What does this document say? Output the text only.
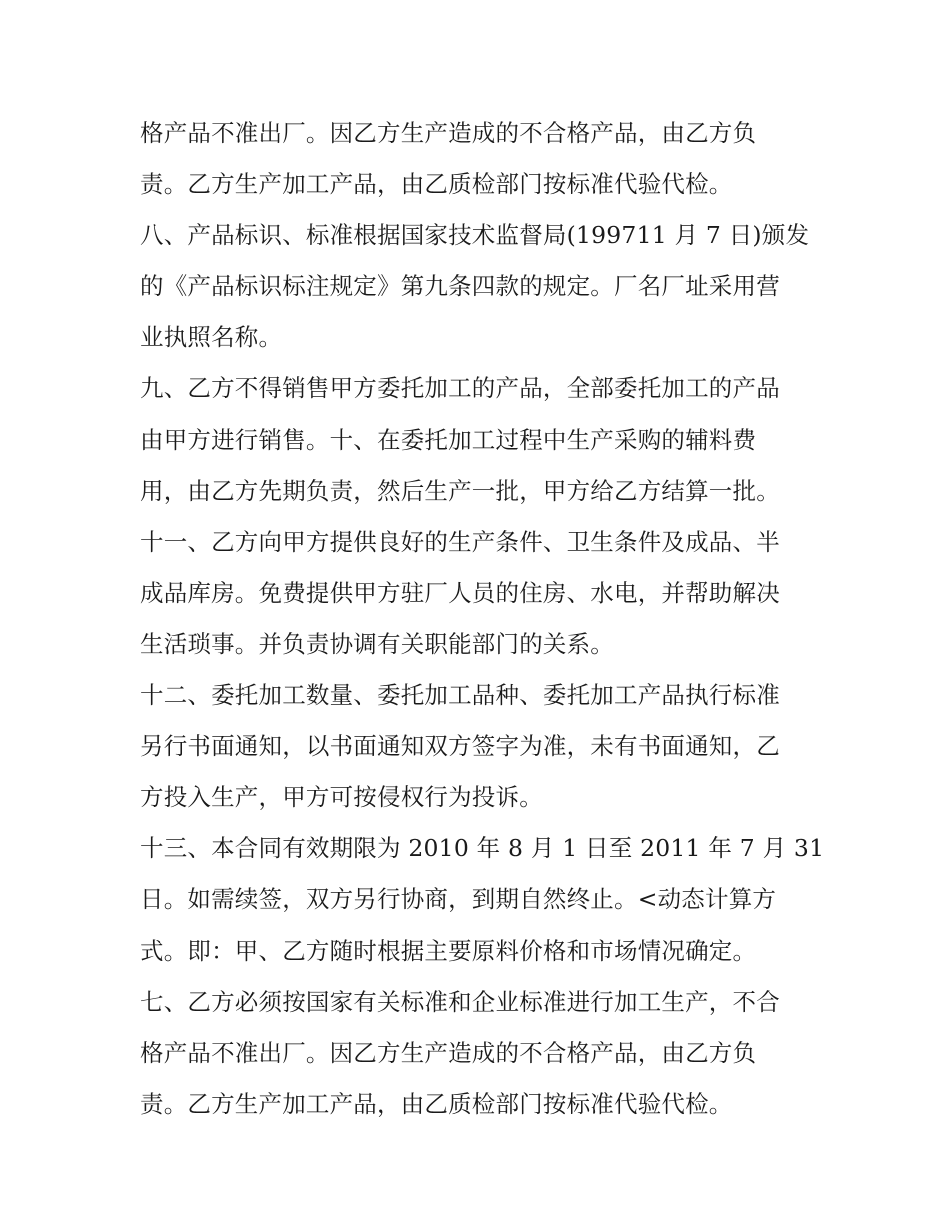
格产品不准出厂。因乙方生产造成的不合格产品，由乙方负
责。乙方生产加工产品，由乙质检部门按标准代验代检。
八、产品标识、标准根据国家技术监督局(199711 月 7 日)颁发
的《产品标识标注规定》第九条四款的规定。厂名厂址采用营
业执照名称。
九、乙方不得销售甲方委托加工的产品，全部委托加工的产品
由甲方进行销售。十、在委托加工过程中生产采购的辅料费
用，由乙方先期负责，然后生产一批，甲方给乙方结算一批。
十一、乙方向甲方提供良好的生产条件、卫生条件及成品、半
成品库房。免费提供甲方驻厂人员的住房、水电，并帮助解决
生活琐事。并负责协调有关职能部门的关系。
十二、委托加工数量、委托加工品种、委托加工产品执行标准
另行书面通知，以书面通知双方签字为准，未有书面通知，乙
方投入生产，甲方可按侵权行为投诉。
十三、本合同有效期限为 2010 年 8 月 1 日至 2011 年 7 月 31
日。如需续签，双方另行协商，到期自然终止。<动态计算方
式。即：甲、乙方随时根据主要原料价格和市场情况确定。
七、乙方必须按国家有关标准和企业标准进行加工生产，不合
格产品不准出厂。因乙方生产造成的不合格产品，由乙方负
责。乙方生产加工产品，由乙质检部门按标准代验代检。
